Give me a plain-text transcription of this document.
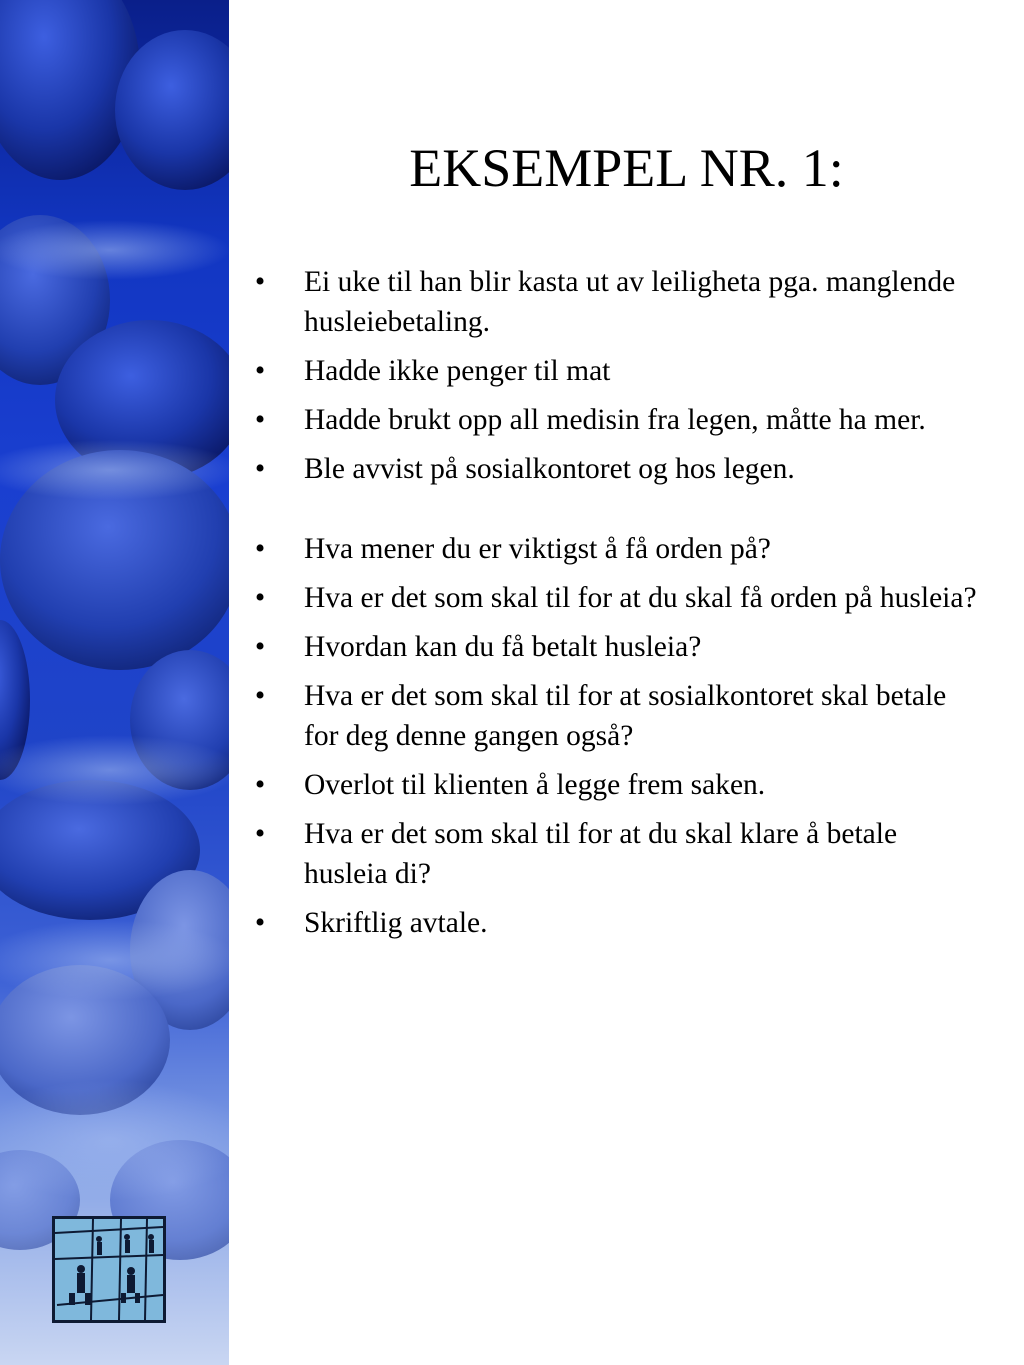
EKSEMPEL NR. 1:
• Ei uke til han blir kasta ut av leiligheta pga. manglende husleiebetaling.
• Hadde ikke penger til mat
• Hadde brukt opp all medisin fra legen, måtte ha mer.
• Ble avvist på sosialkontoret og hos legen.
• Hva mener du er viktigst å få orden på?
• Hva er det som skal til for at du skal få orden på husleia?
• Hvordan kan du få betalt husleia?
• Hva er det som skal til for at sosialkontoret skal betale for deg denne gangen også?
• Overlot til klienten å legge frem saken.
• Hva er det som skal til for at du skal klare å betale husleia di?
• Skriftlig avtale.
